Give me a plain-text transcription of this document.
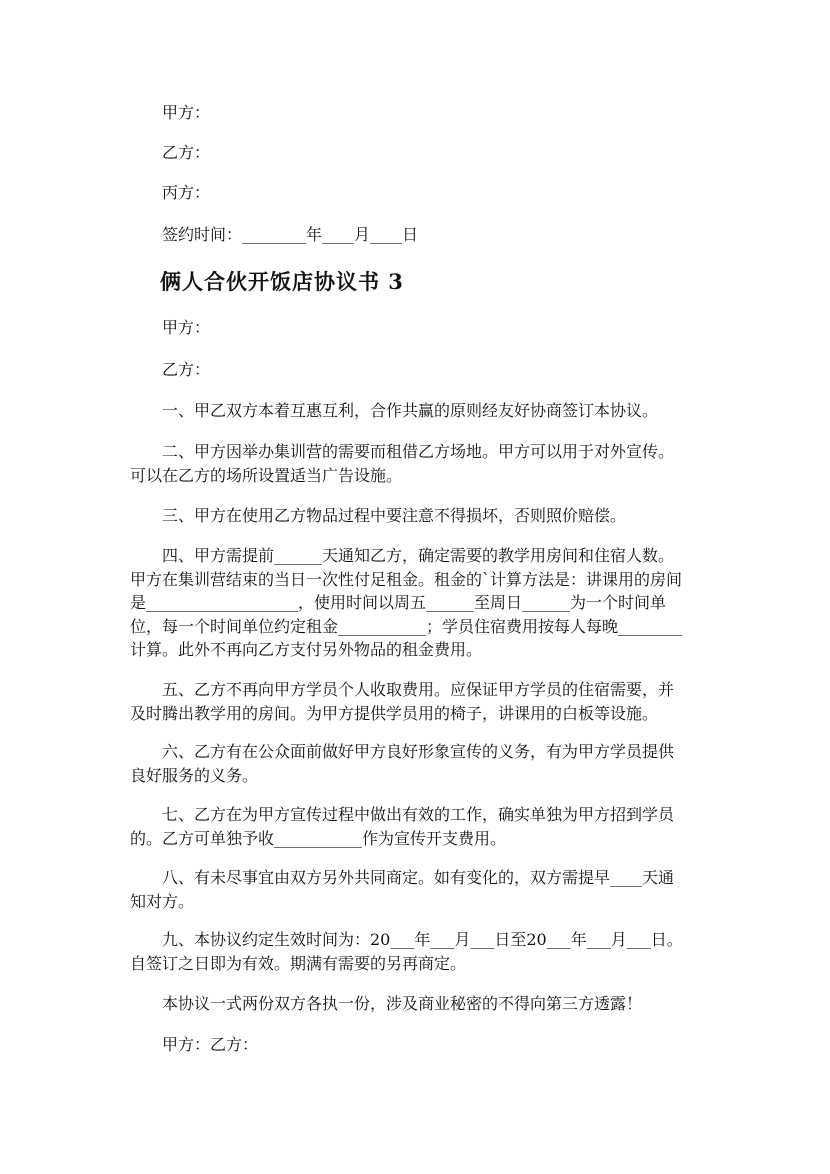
甲方：
乙方：
丙方：
签约时间：________年____月____日
俩人合伙开饭店协议书 3
甲方：
乙方：
一、甲乙双方本着互惠互利，合作共赢的原则经友好协商签订本协议。
二、甲方因举办集训营的需要而租借乙方场地。甲方可以用于对外宣传。
可以在乙方的场所设置适当广告设施。
三、甲方在使用乙方物品过程中要注意不得损坏，否则照价赔偿。
四、甲方需提前______天通知乙方，确定需要的教学用房间和住宿人数。
甲方在集训营结束的当日一次性付足租金。租金的`计算方法是：讲课用的房间
是___________________，使用时间以周五______至周日______为一个时间单
位，每一个时间单位约定租金___________；学员住宿费用按每人每晚________
计算。此外不再向乙方支付另外物品的租金费用。
五、乙方不再向甲方学员个人收取费用。应保证甲方学员的住宿需要，并
及时腾出教学用的房间。为甲方提供学员用的椅子，讲课用的白板等设施。
六、乙方有在公众面前做好甲方良好形象宣传的义务，有为甲方学员提供
良好服务的义务。
七、乙方在为甲方宣传过程中做出有效的工作，确实单独为甲方招到学员
的。乙方可单独予收___________作为宣传开支费用。
八、有未尽事宜由双方另外共同商定。如有变化的，双方需提早____天通
知对方。
九、本协议约定生效时间为：20___年___月___日至20___年___月___日。
自签订之日即为有效。期满有需要的另再商定。
本协议一式两份双方各执一份，涉及商业秘密的不得向第三方透露！
甲方：乙方：
